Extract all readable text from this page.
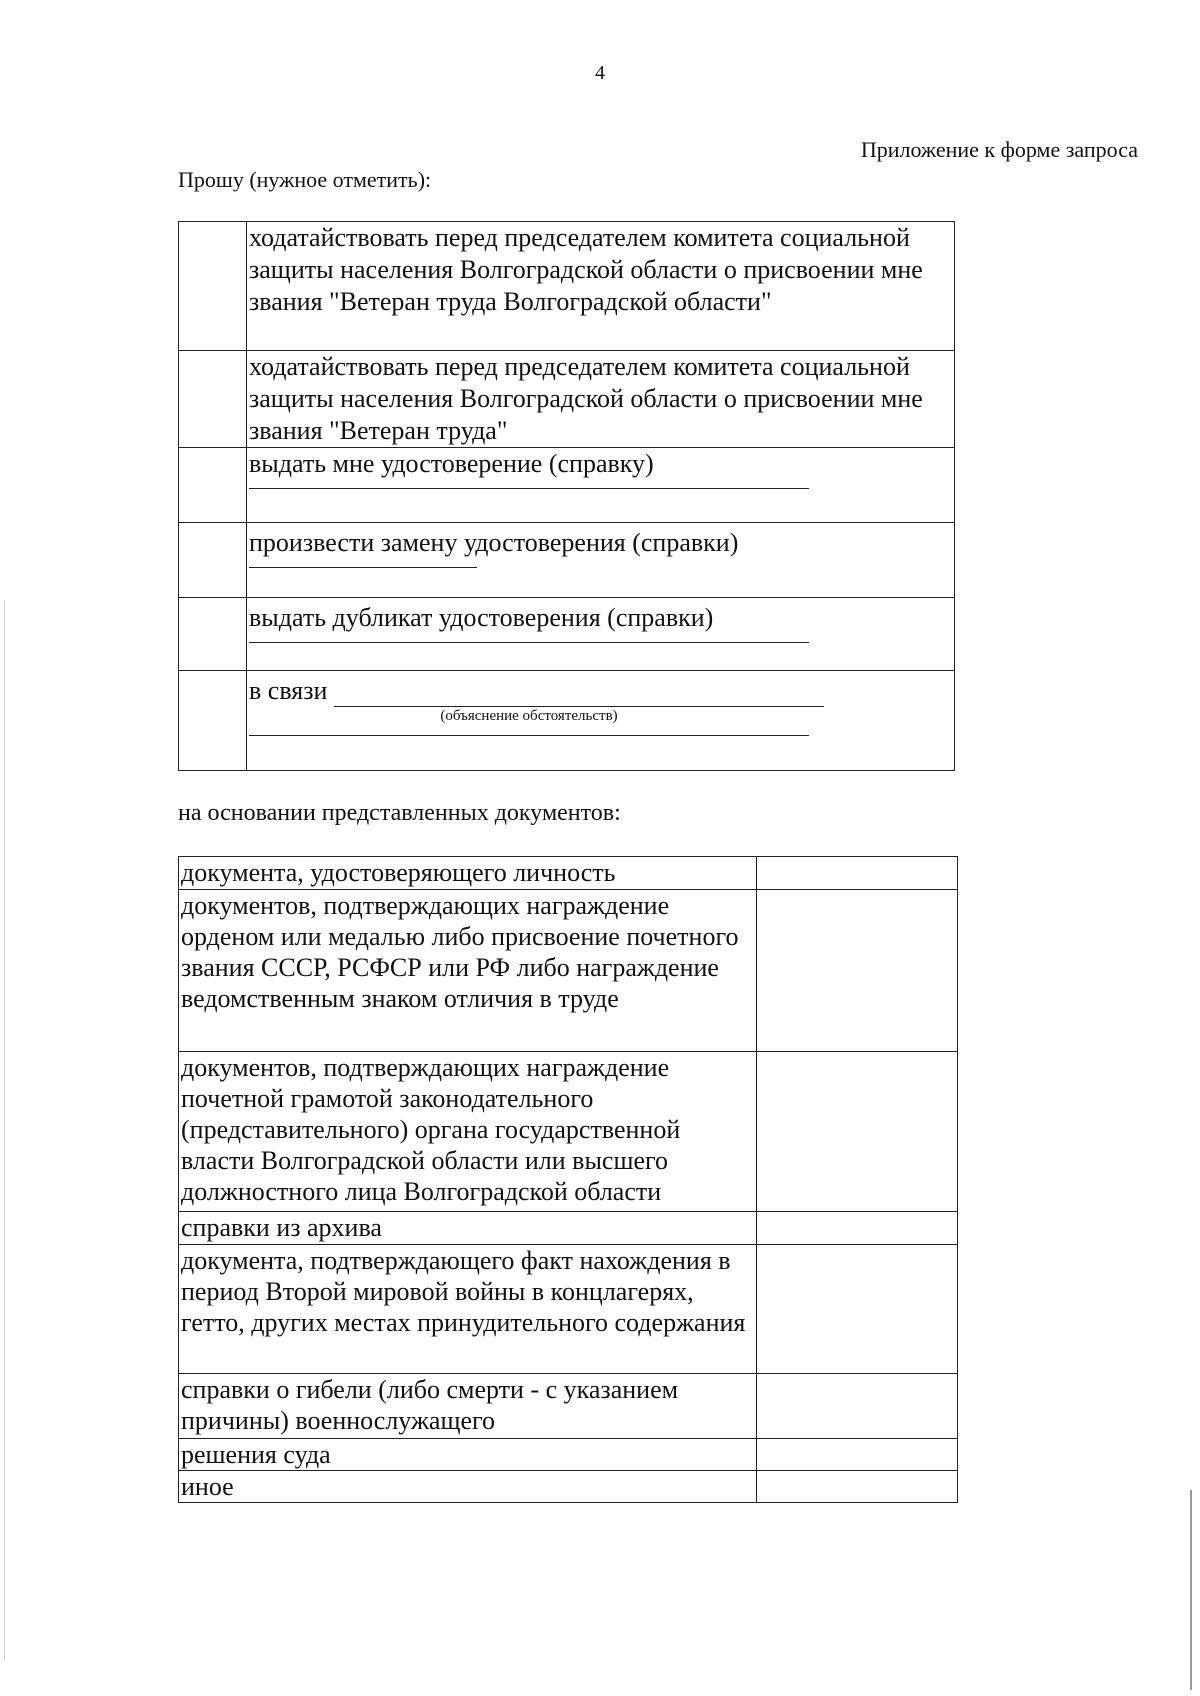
4
Приложение к форме запроса
Прошу (нужное отметить):
	ходатайствовать перед председателем комитета социальной защиты населения Волгоградской области о присвоении мне звания "Ветеран труда Волгоградской области"
	ходатайствовать перед председателем комитета социальной защиты населения Волгоградской области о присвоении мне звания "Ветеран труда"

	выдать мне удостоверение (справку)

	произвести замену удостоверения (справки)

	выдать дубликат удостоверения (справки)

	в связи
(объяснение обстоятельств)
на основании представленных документов:
документа, удостоверяющего личность	
документов, подтверждающих награждение орденом или медалью либо присвоение почетного звания СССР, РСФСР или РФ либо награждение ведомственным знаком отличия в труде	
документов, подтверждающих награждение почетной грамотой законодательного (представительного) органа государственной власти Волгоградской области или высшего должностного лица Волгоградской области	
справки из архива	
документа, подтверждающего факт нахождения в период Второй мировой войны в концлагерях, гетто, других местах принудительного содержания	
справки о гибели (либо смерти - с указанием причины) военнослужащего	
решения суда	
иное	
